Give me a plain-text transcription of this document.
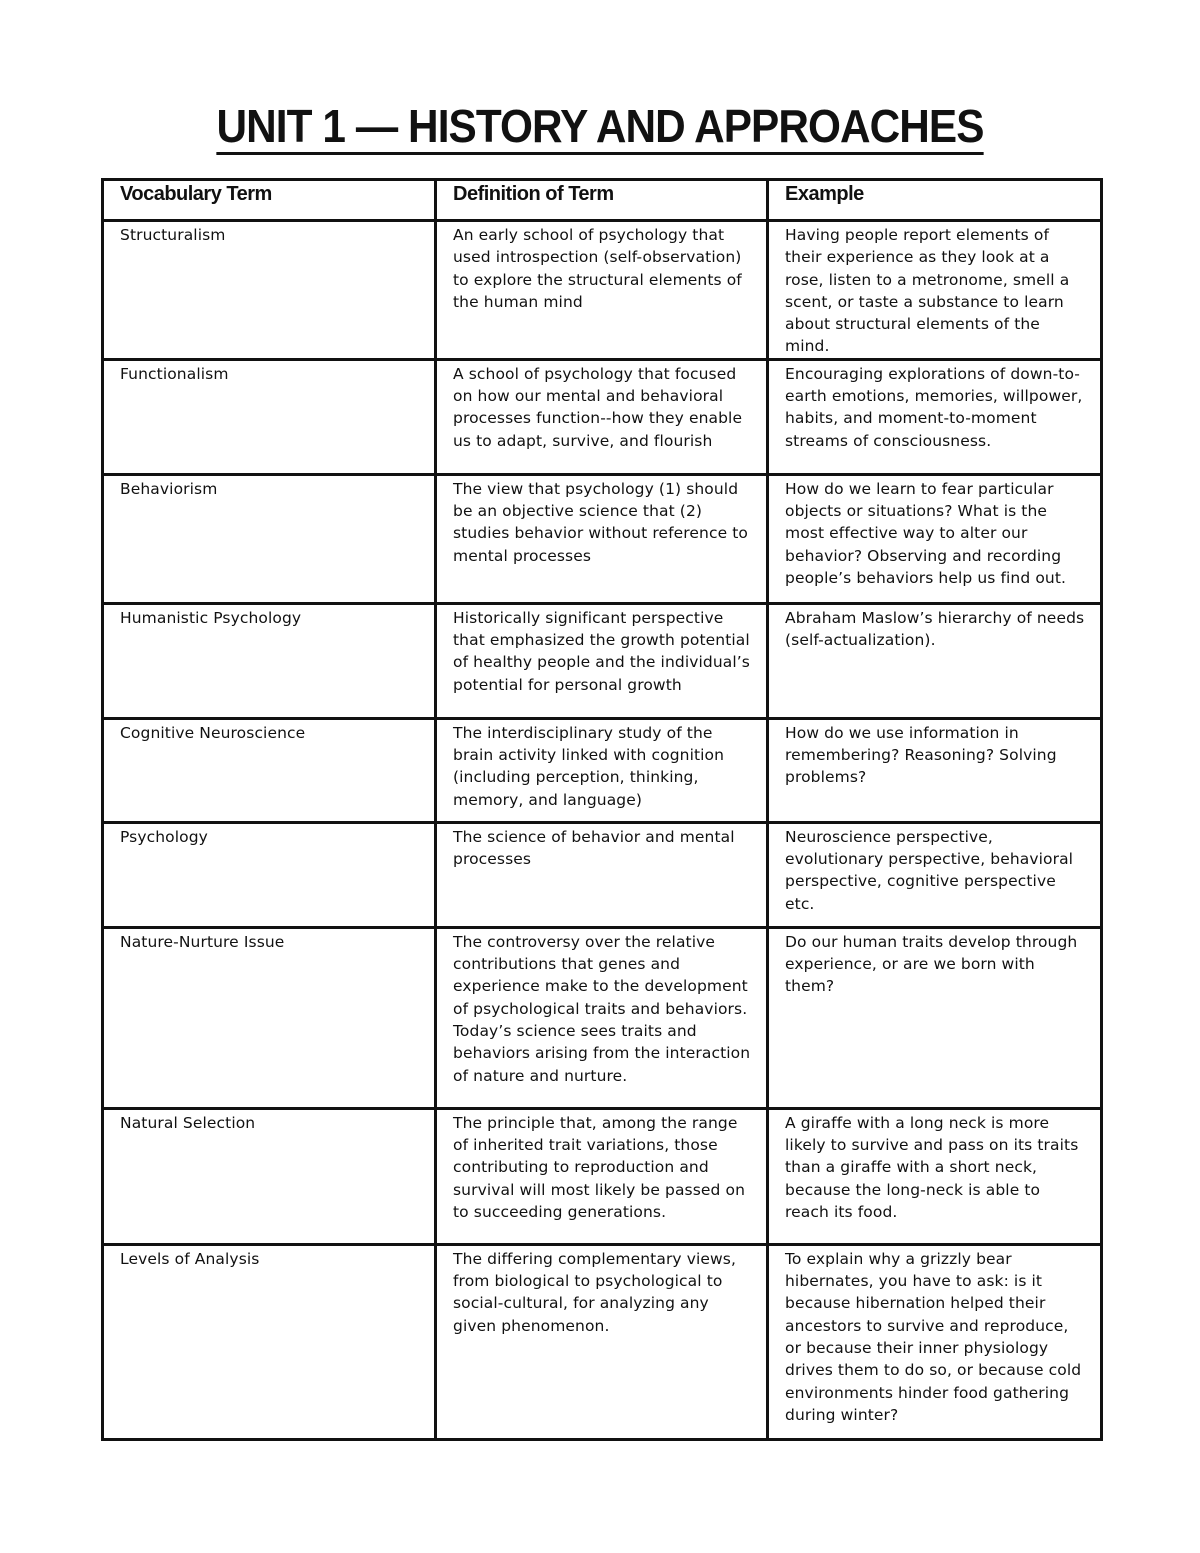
UNIT 1 — HISTORY AND APPROACHES
Vocabulary Term	Definition of Term	Example
Structuralism	An early school of psychology that used introspection (self-observation) to explore the structural elements of the human mind	Having people report elements of their experience as they look at a rose, listen to a metronome, smell a scent, or taste a substance to learn about structural elements of the mind.
Functionalism	A school of psychology that focused on how our mental and behavioral processes function--how they enable us to adapt, survive, and flourish	Encouraging explorations of down-to-earth emotions, memories, willpower, habits, and moment-to-moment streams of consciousness.
Behaviorism	The view that psychology (1) should be an objective science that (2) studies behavior without reference to mental processes	How do we learn to fear particular objects or situations? What is the most effective way to alter our behavior? Observing and recording people’s behaviors help us find out.
Humanistic Psychology	Historically significant perspective that emphasized the growth potential of healthy people and the individual’s potential for personal growth	Abraham Maslow’s hierarchy of needs (self-actualization).
Cognitive Neuroscience	The interdisciplinary study of the brain activity linked with cognition (including perception, thinking, memory, and language)	How do we use information in remembering? Reasoning? Solving problems?
Psychology	The science of behavior and mental processes	Neuroscience perspective, evolutionary perspective, behavioral perspective, cognitive perspective etc.
Nature-Nurture Issue	The controversy over the relative contributions that genes and experience make to the development of psychological traits and behaviors. Today’s science sees traits and behaviors arising from the interaction of nature and nurture.	Do our human traits develop through experience, or are we born with them?
Natural Selection	The principle that, among the range of inherited trait variations, those contributing to reproduction and survival will most likely be passed on to succeeding generations.	A giraffe with a long neck is more likely to survive and pass on its traits than a giraffe with a short neck, because the long-neck is able to reach its food.
Levels of Analysis	The differing complementary views, from biological to psychological to social-cultural, for analyzing any given phenomenon.	To explain why a grizzly bear hibernates, you have to ask: is it because hibernation helped their ancestors to survive and reproduce, or because their inner physiology drives them to do so, or because cold environments hinder food gathering during winter?
